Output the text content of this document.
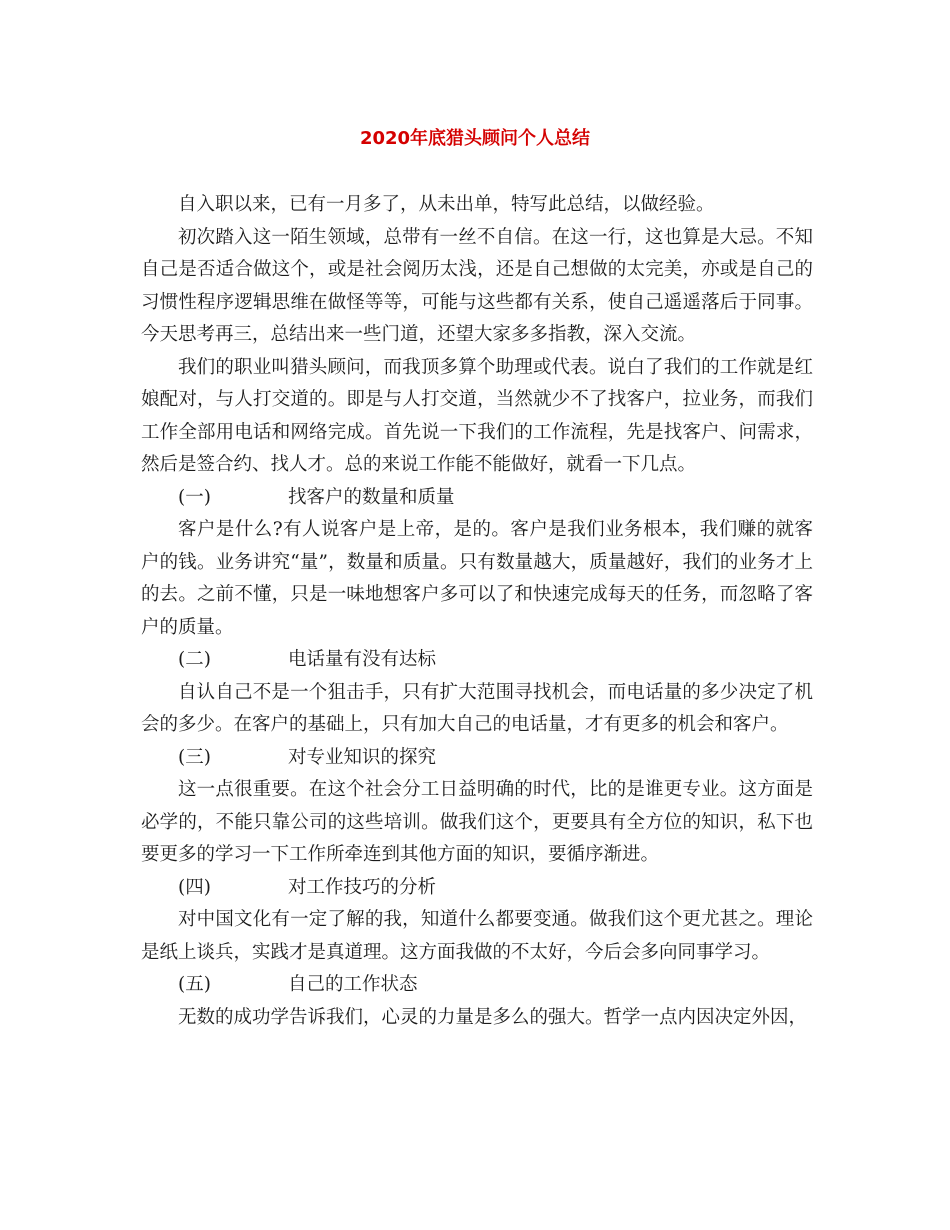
2020年底猎头顾问个人总结

自入职以来，已有一月多了，从未出单，特写此总结，以做经验。

初次踏入这一陌生领域，总带有一丝不自信。在这一行，这也算是大忌。不知自己是否适合做这个，或是社会阅历太浅，还是自己想做的太完美，亦或是自己的习惯性程序逻辑思维在做怪等等，可能与这些都有关系，使自己遥遥落后于同事。今天思考再三，总结出来一些门道，还望大家多多指教，深入交流。

我们的职业叫猎头顾问，而我顶多算个助理或代表。说白了我们的工作就是红娘配对，与人打交道的。即是与人打交道，当然就少不了找客户，拉业务，而我们工作全部用电话和网络完成。首先说一下我们的工作流程，先是找客户、问需求，然后是签合约、找人才。总的来说工作能不能做好，就看一下几点。

(一)	找客户的数量和质量

客户是什么?有人说客户是上帝，是的。客户是我们业务根本，我们赚的就客户的钱。业务讲究“量”，数量和质量。只有数量越大，质量越好，我们的业务才上的去。之前不懂，只是一味地想客户多可以了和快速完成每天的任务，而忽略了客户的质量。

(二)	电话量有没有达标

自认自己不是一个狙击手，只有扩大范围寻找机会，而电话量的多少决定了机会的多少。在客户的基础上，只有加大自己的电话量，才有更多的机会和客户。

(三)	对专业知识的探究

这一点很重要。在这个社会分工日益明确的时代，比的是谁更专业。这方面是必学的，不能只靠公司的这些培训。做我们这个，更要具有全方位的知识，私下也要更多的学习一下工作所牵连到其他方面的知识，要循序渐进。

(四)	对工作技巧的分析

对中国文化有一定了解的我，知道什么都要变通。做我们这个更尤甚之。理论是纸上谈兵，实践才是真道理。这方面我做的不太好，今后会多向同事学习。

(五)	自己的工作状态

无数的成功学告诉我们，心灵的力量是多么的强大。哲学一点内因决定外因，
